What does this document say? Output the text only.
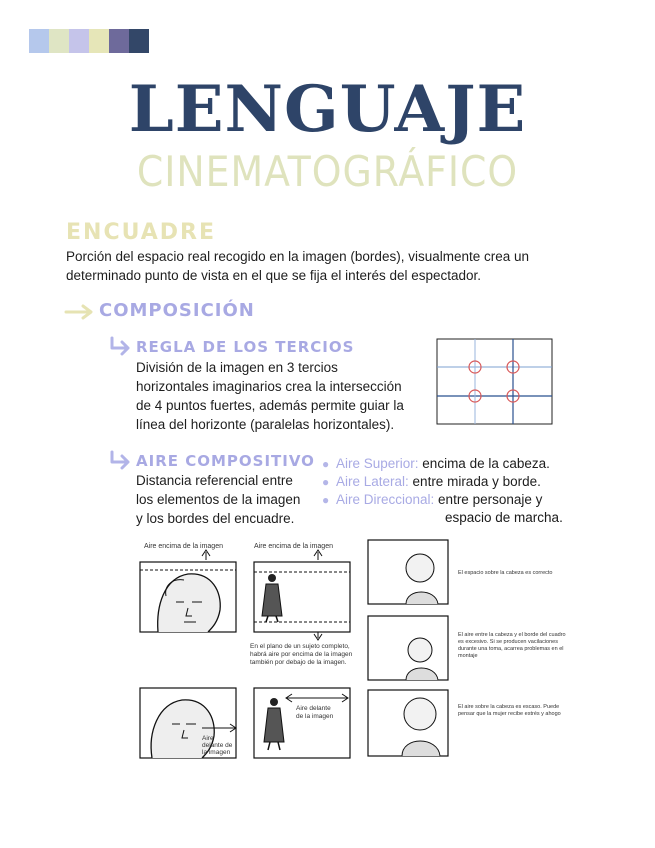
LENGUAJE
CINEMATOGRÁFICO
ENCUADRE
Porción del espacio real recogido en la imagen (bordes), visualmente crea un
determinado punto de vista en el que se fija el interés del espectador.
COMPOSICIÓN
REGLA DE LOS TERCIOS
División de la imagen en 3 tercios
horizontales imaginarios crea la intersección
de 4 puntos fuertes, además permite guiar la
línea del horizonte (paralelas horizontales).
AIRE COMPOSITIVO
Distancia referencial entre
los elementos de la imagen
y los bordes del encuadre.
● Aire Superior: encima de la cabeza.
● Aire Lateral: entre mirada y borde.
● Aire Direccional: entre personaje y
espacio de marcha.
Aire encima de la imagen	Aire encima de la imagen
En el plano de un sujeto completo,
habrá aire por encima de la imagen
también por debajo de la imagen.
Aire
delante de
la imagen
Aire delante
de la imagen
El espacio sobre la cabeza es correcto
El aire entre la cabeza y el borde del cuadro
es excesivo. Si se producen vacilaciones
durante una toma, acarrea problemas en el
montaje
El aire sobre la cabeza es escaso. Puede
pensar que la mujer recibe estrés y ahogo
